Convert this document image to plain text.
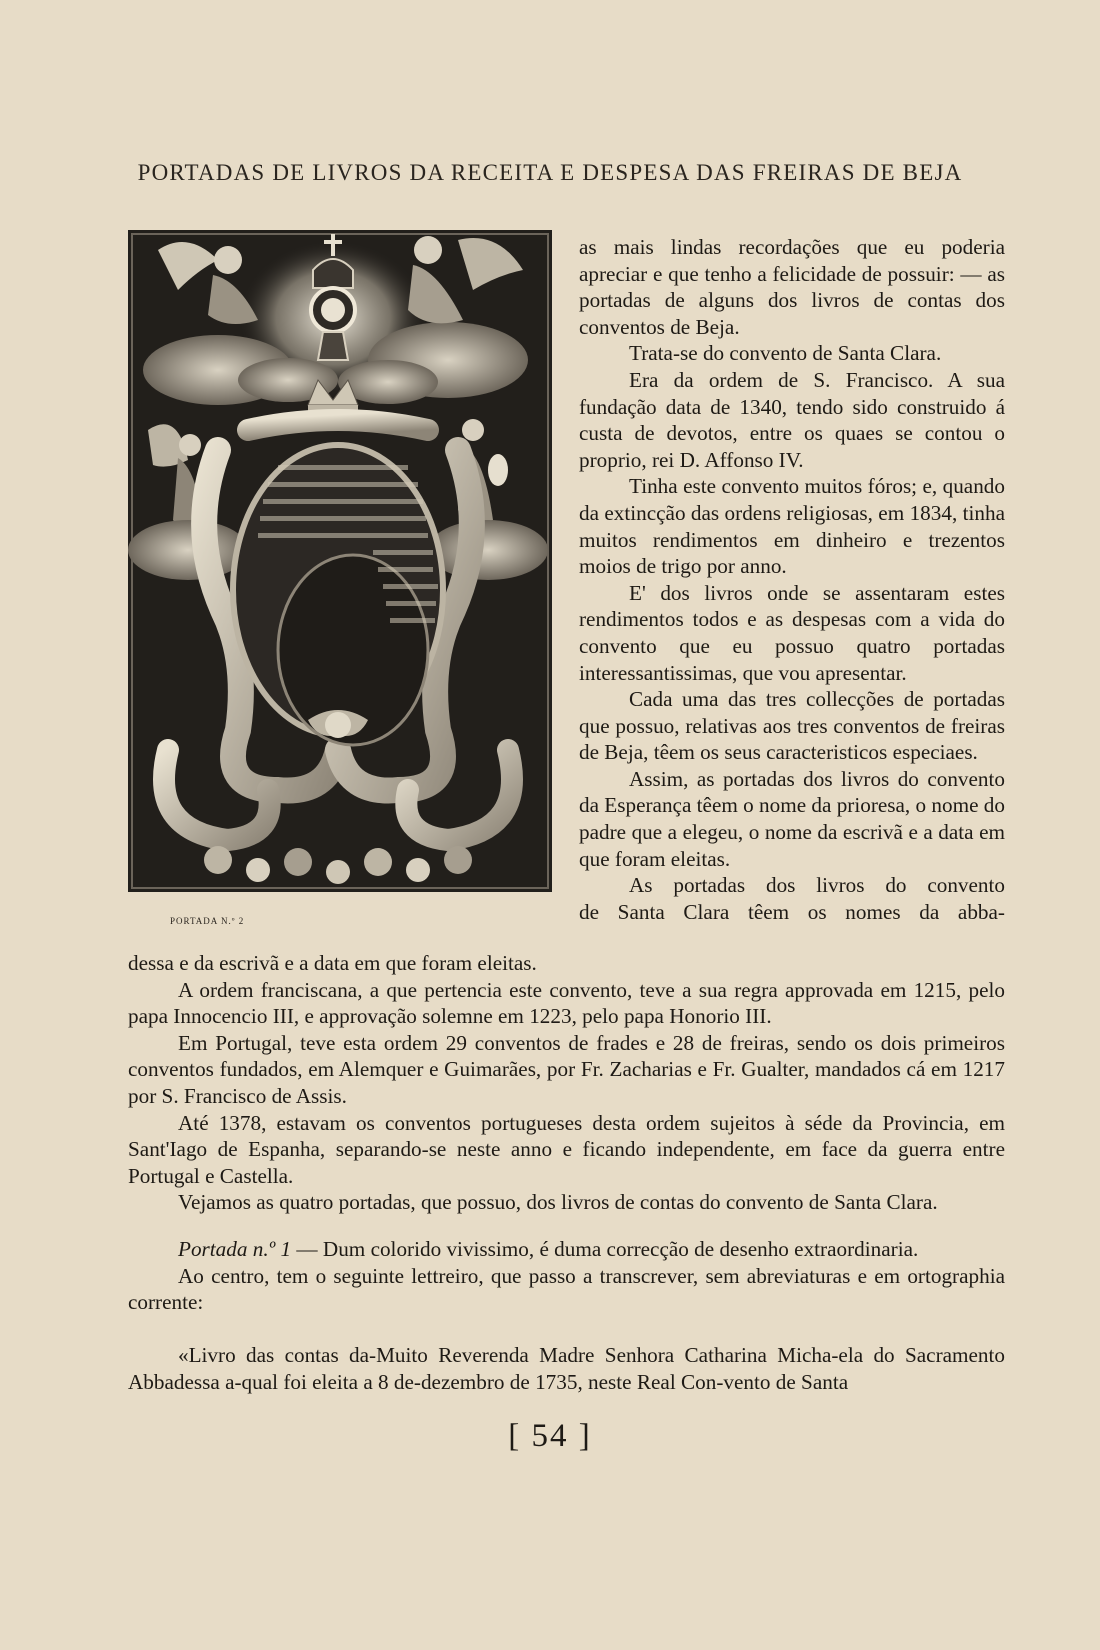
PORTADAS DE LIVROS DA RECEITA E DESPESA DAS FREIRAS DE BEJA
PORTADA N.º 2

as mais lindas recordações que eu poderia apreciar e que tenho a felicidade de possuir: — as portadas de alguns dos livros de contas dos conventos de Beja.

Trata-se do convento de Santa Clara.

Era da ordem de S. Francisco. A sua fundação data de 1340, tendo sido construido á custa de devotos, entre os quaes se contou o proprio, rei D. Affonso IV.

Tinha este convento muitos fóros; e, quando da extincção das ordens religiosas, em 1834, tinha muitos rendimentos em dinheiro e trezentos moios de trigo por anno.

E' dos livros onde se assentaram estes rendimentos todos e as despesas com a vida do convento que eu possuo quatro portadas interessantissimas, que vou apresentar.

Cada uma das tres collecções de portadas que possuo, relativas aos tres conventos de freiras de Beja, têem os seus caracteristicos especiaes.

Assim, as portadas dos livros do convento da Esperança têem o nome da prioresa, o nome do padre que a elegeu, o nome da escrivã e a data em que foram eleitas.

As portadas dos livros do convento

de Santa Clara têem os nomes da abba-

dessa e da escrivã e a data em que foram eleitas.

A ordem franciscana, a que pertencia este convento, teve a sua regra approvada em 1215, pelo papa Innocencio III, e approvação solemne em 1223, pelo papa Honorio III.

Em Portugal, teve esta ordem 29 conventos de frades e 28 de freiras, sendo os dois primeiros conventos fundados, em Alemquer e Guimarães, por Fr. Zacharias e Fr. Gualter, mandados cá em 1217 por S. Francisco de Assis.

Até 1378, estavam os conventos portugueses desta ordem sujeitos à séde da Provincia, em Sant'Iago de Espanha, separando-se neste anno e ficando independente, em face da guerra entre Portugal e Castella.

Vejamos as quatro portadas, que possuo, dos livros de contas do convento de Santa Clara.

Portada n.º 1 — Dum colorido vivissimo, é duma correcção de desenho extraordinaria.

Ao centro, tem o seguinte lettreiro, que passo a transcrever, sem abreviaturas e em ortographia corrente:

«Livro das contas da-Muito Reverenda Madre Senhora Catharina Micha-ela do Sacramento Abbadessa a-qual foi eleita a 8 de-dezembro de 1735, neste Real Con-vento de Santa

[ 54 ]
